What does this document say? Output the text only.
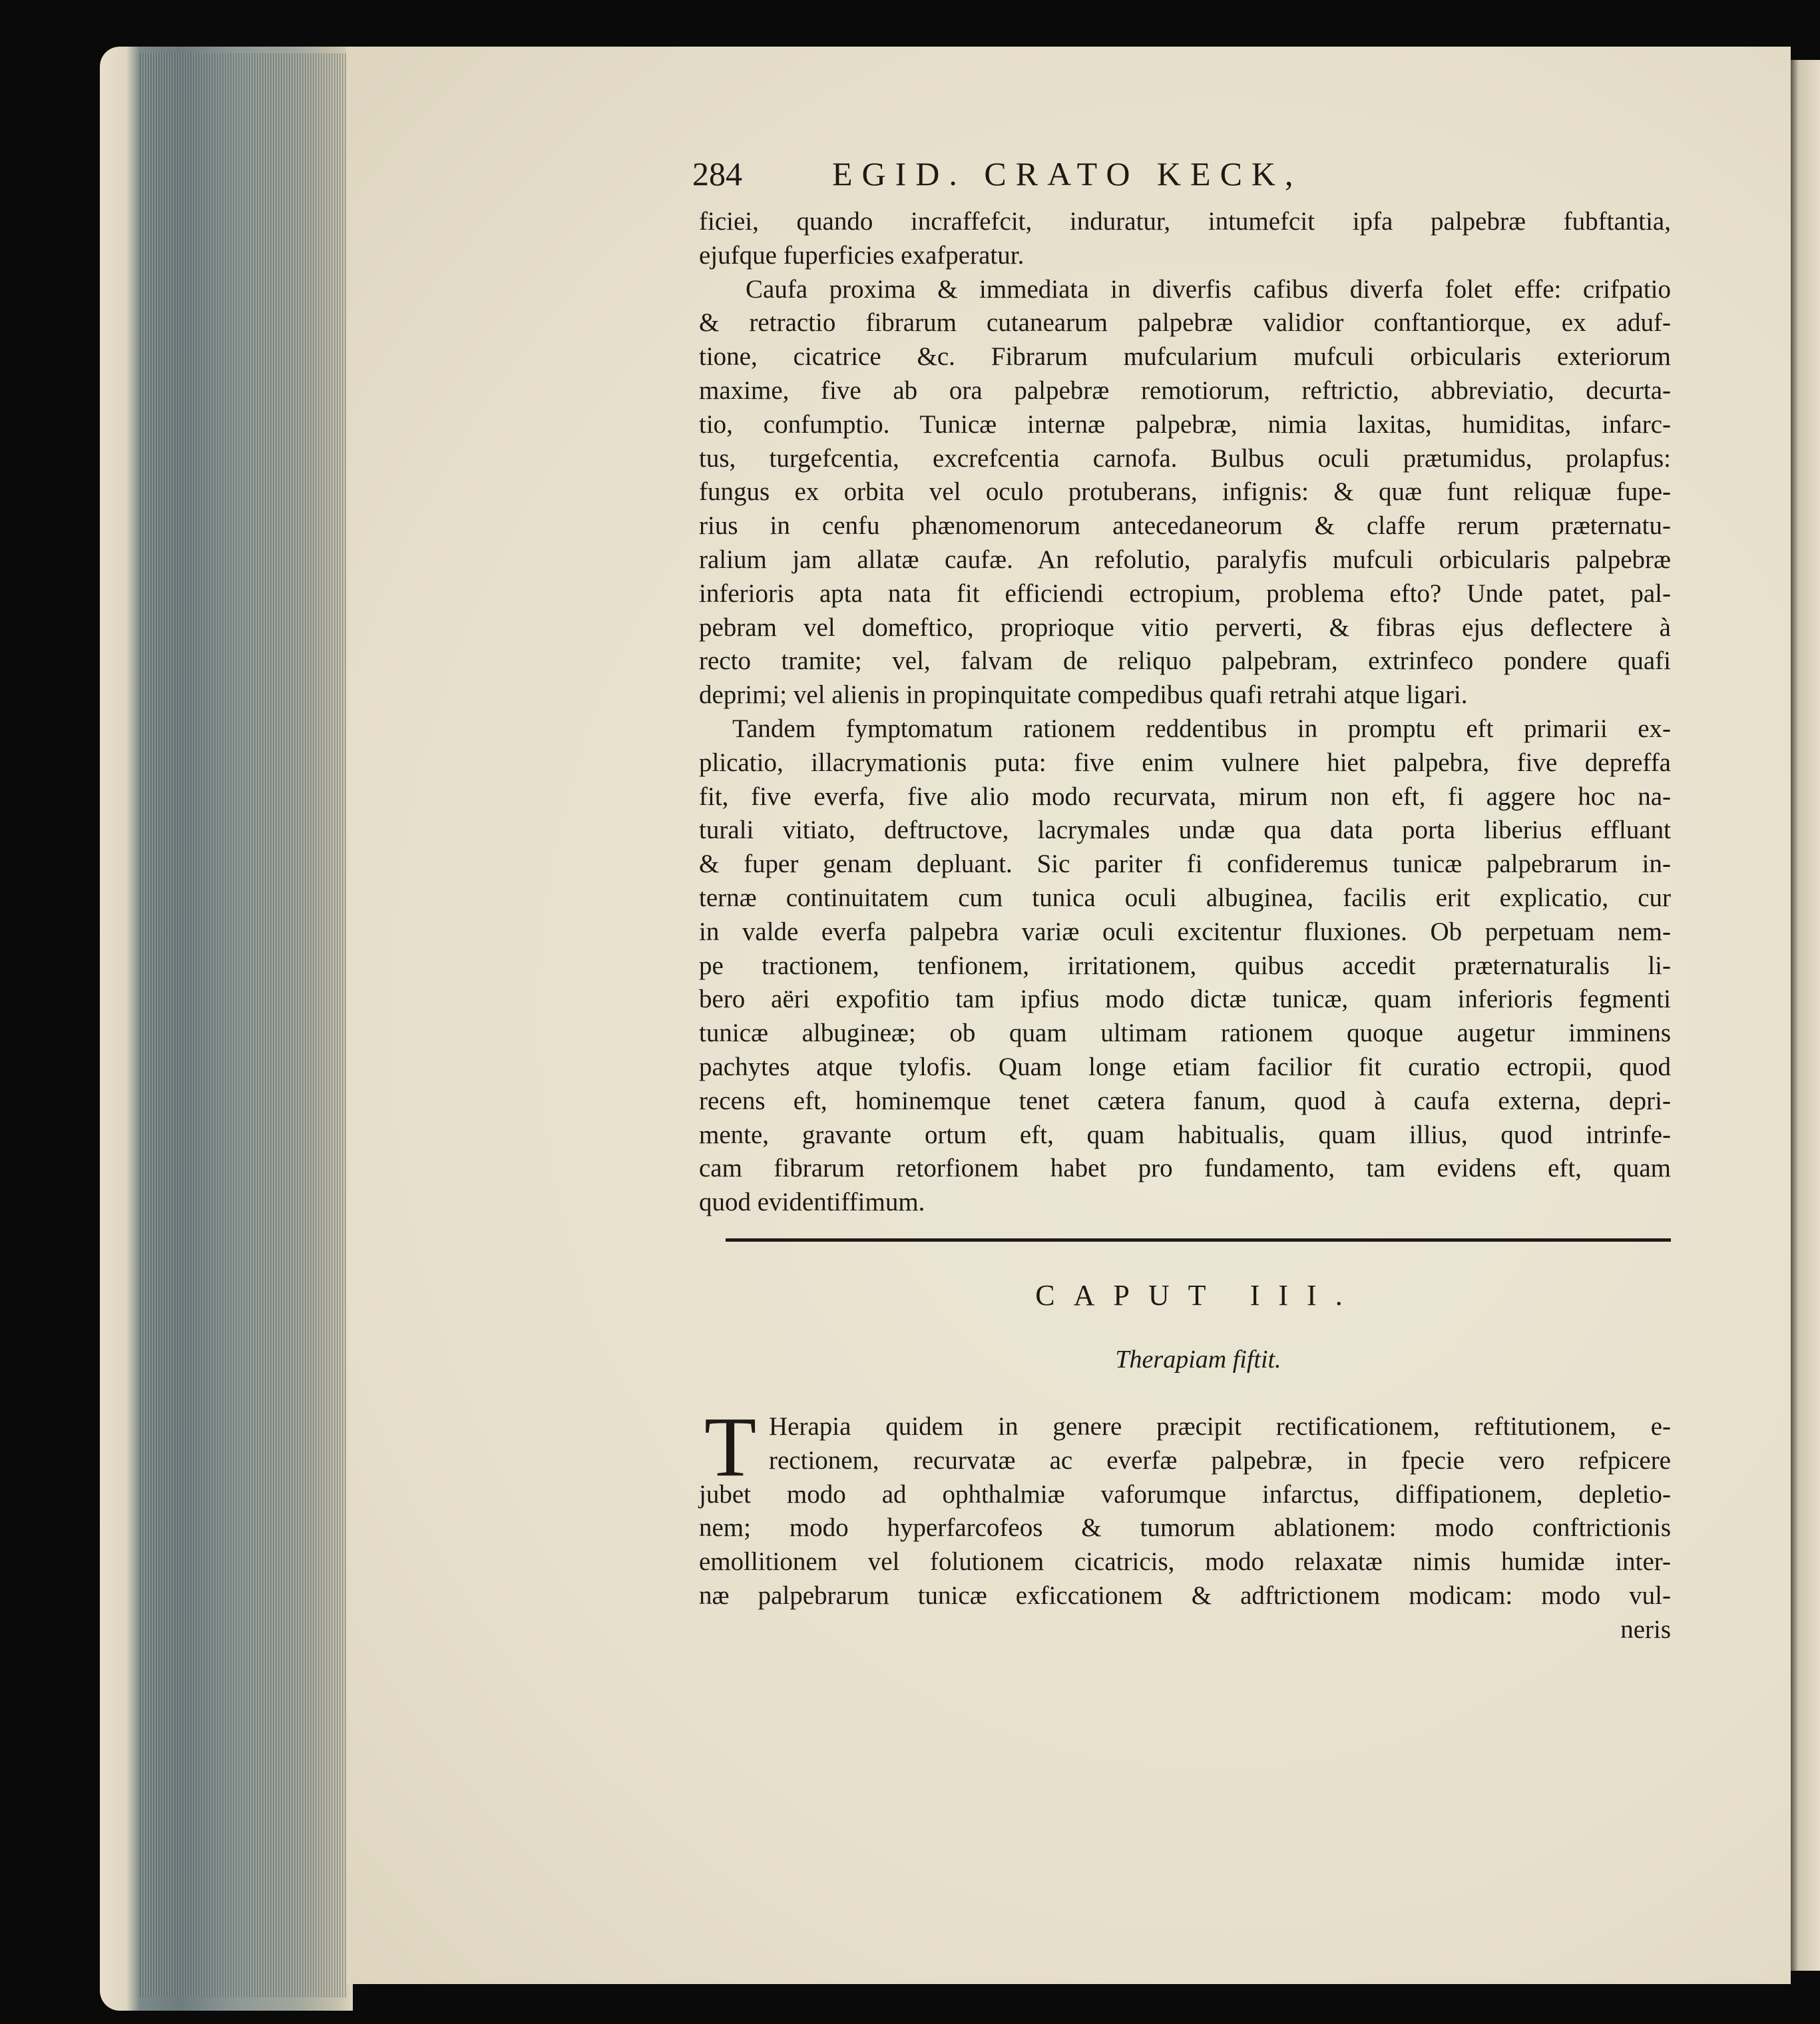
284	EGID. CRATO KECK,
ficiei, quando incraffefcit, induratur, intumefcit ipfa palpebræ fubftantia,
ejufque fuperficies exafperatur.
Caufa proxima & immediata in diverfis cafibus diverfa folet effe: crifpatio
& retractio fibrarum cutanearum palpebræ validior conftantiorque, ex aduf-
tione, cicatrice &c. Fibrarum mufcularium mufculi orbicularis exteriorum
maxime, five ab ora palpebræ remotiorum, reftrictio, abbreviatio, decurta-
tio, confumptio. Tunicæ internæ palpebræ, nimia laxitas, humiditas, infarc-
tus, turgefcentia, excrefcentia carnofa. Bulbus oculi prætumidus, prolapfus:
fungus ex orbita vel oculo protuberans, infignis: & quæ funt reliquæ fupe-
rius in cenfu phænomenorum antecedaneorum & claffe rerum præternatu-
ralium jam allatæ caufæ. An refolutio, paralyfis mufculi orbicularis palpebræ
inferioris apta nata fit efficiendi ectropium, problema efto? Unde patet, pal-
pebram vel domeftico, proprioque vitio perverti, & fibras ejus deflectere à
recto tramite; vel, falvam de reliquo palpebram, extrinfeco pondere quafi
deprimi; vel alienis in propinquitate compedibus quafi retrahi atque ligari.
Tandem fymptomatum rationem reddentibus in promptu eft primarii ex-
plicatio, illacrymationis puta: five enim vulnere hiet palpebra, five depreffa
fit, five everfa, five alio modo recurvata, mirum non eft, fi aggere hoc na-
turali vitiato, deftructove, lacrymales undæ qua data porta liberius effluant
& fuper genam depluant. Sic pariter fi confideremus tunicæ palpebrarum in-
ternæ continuitatem cum tunica oculi albuginea, facilis erit explicatio, cur
in valde everfa palpebra variæ oculi excitentur fluxiones. Ob perpetuam nem-
pe tractionem, tenfionem, irritationem, quibus accedit præternaturalis li-
bero aëri expofitio tam ipfius modo dictæ tunicæ, quam inferioris fegmenti
tunicæ albugineæ; ob quam ultimam rationem quoque augetur imminens
pachytes atque tylofis. Quam longe etiam facilior fit curatio ectropii, quod
recens eft, hominemque tenet cætera fanum, quod à caufa externa, depri-
mente, gravante ortum eft, quam habitualis, quam illius, quod intrinfe-
cam fibrarum retorfionem habet pro fundamento, tam evidens eft, quam
quod evidentiffimum.
CAPUT III.
Therapiam fiftit.
T Herapia quidem in genere præcipit rectificationem, reftitutionem, e-
rectionem, recurvatæ ac everfæ palpebræ, in fpecie vero refpicere
jubet modo ad ophthalmiæ vaforumque infarctus, diffipationem, depletio-
nem; modo hyperfarcofeos & tumorum ablationem: modo conftrictionis
emollitionem vel folutionem cicatricis, modo relaxatæ nimis humidæ inter-
næ palpebrarum tunicæ exficcationem & adftrictionem modicam: modo vul-
neris
